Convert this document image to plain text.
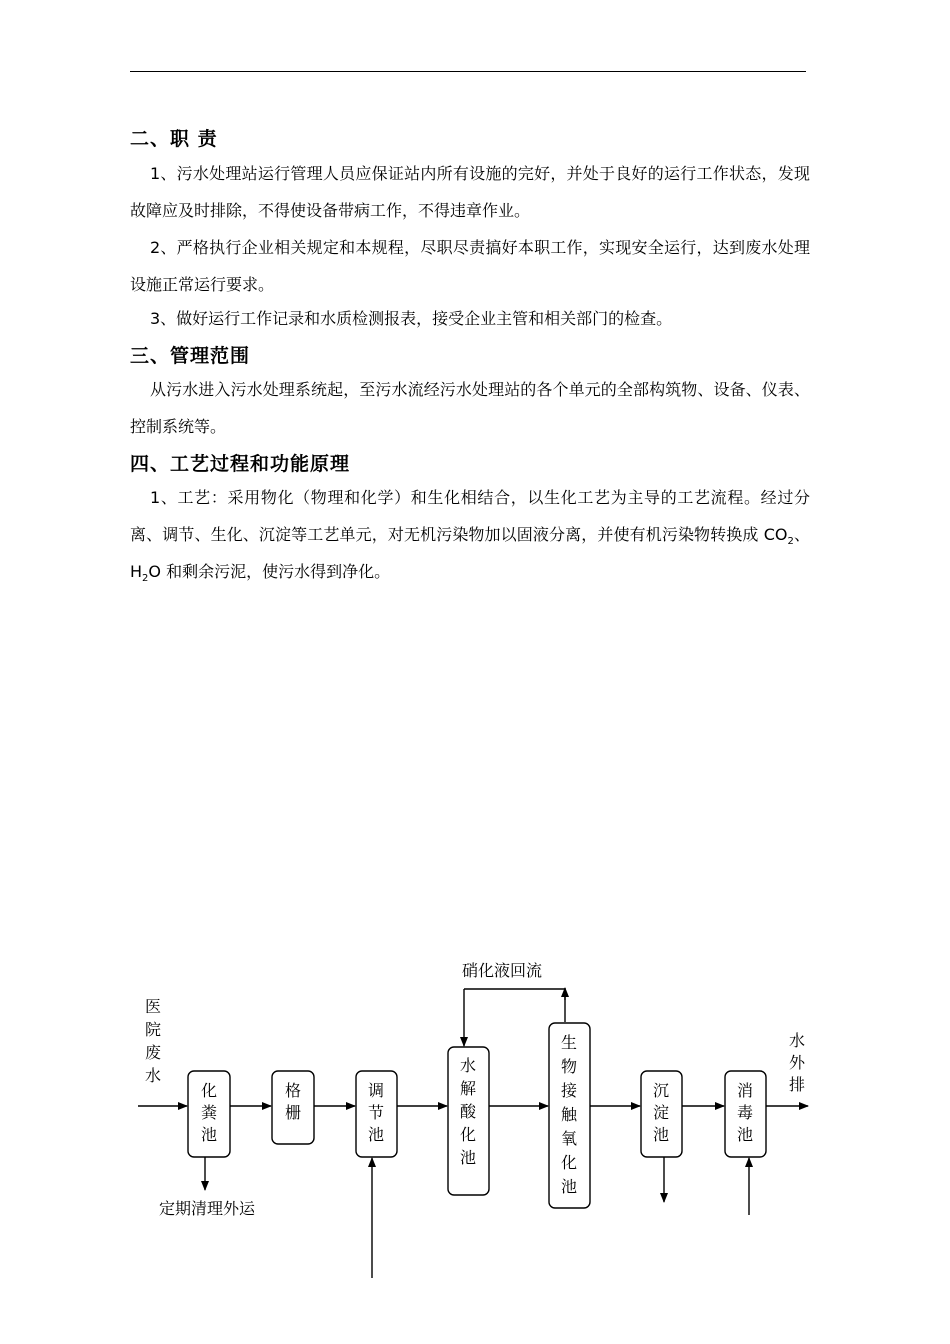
二、职 责
1、污水处理站运行管理人员应保证站内所有设施的完好，并处于良好的运行工作状态，发现故障应及时排除，不得使设备带病工作，不得违章作业。
2、严格执行企业相关规定和本规程，尽职尽责搞好本职工作，实现安全运行，达到废水处理设施正常运行要求。
3、做好运行工作记录和水质检测报表，接受企业主管和相关部门的检查。
三、管理范围
从污水进入污水处理系统起，至污水流经污水处理站的各个单元的全部构筑物、设备、仪表、控制系统等。
四、工艺过程和功能原理
1、工艺：采用物化（物理和化学）和生化相结合，以生化工艺为主导的工艺流程。经过分离、调节、生化、沉淀等工艺单元，对无机污染物加以固液分离，并使有机污染物转换成 $CO_2$、$H_2O$ 和剩余污泥，使污水得到净化。
医
院
废
水
化
粪
池
格
栅
调
节
池
水
解
酸
化
池
生
物
接
触
氧
化
池
沉
淀
池
消
毒
池
水
外
排
硝化液回流
定期清理外运
